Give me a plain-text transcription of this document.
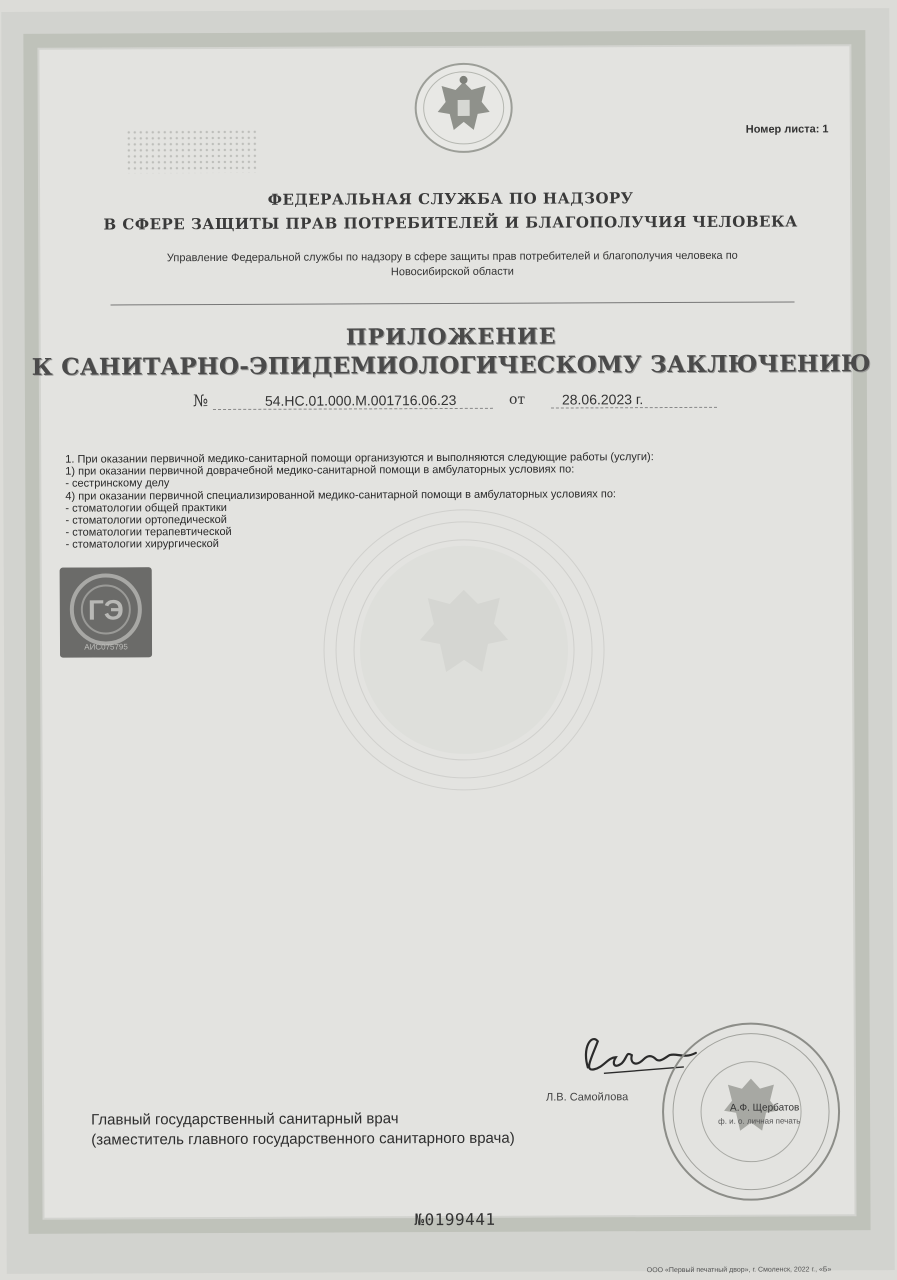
Номер листа: 1
ФЕДЕРАЛЬНАЯ СЛУЖБА ПО НАДЗОРУ
В СФЕРЕ ЗАЩИТЫ ПРАВ ПОТРЕБИТЕЛЕЙ И БЛАГОПОЛУЧИЯ ЧЕЛОВЕКА
Управление Федеральной службы по надзору в сфере защиты прав потребителей и благополучия человека по
Новосибирской области
ПРИЛОЖЕНИЕ
К САНИТАРНО-ЭПИДЕМИОЛОГИЧЕСКОМУ ЗАКЛЮЧЕНИЮ
№	54.НС.01.000.М.001716.06.23	от	28.06.2023 г.
1. При оказании первичной медико-санитарной помощи организуются и выполняются следующие работы (услуги):
1) при оказании первичной доврачебной медико-санитарной помощи в амбулаторных условиях по:
- сестринскому делу
4) при оказании первичной специализированной медико-санитарной помощи в амбулаторных условиях по:
- стоматологии общей практики
- стоматологии ортопедической
- стоматологии терапевтической
- стоматологии хирургической
ГЭ
АИС075795
Л.В. Самойлова
А.Ф. Щербатов
ф. и. о. личная печать
Главный государственный санитарный врач
(заместитель главного государственного санитарного врача)
№0199441
ООО «Первый печатный двор», г. Смоленск, 2022 г., «Б»
